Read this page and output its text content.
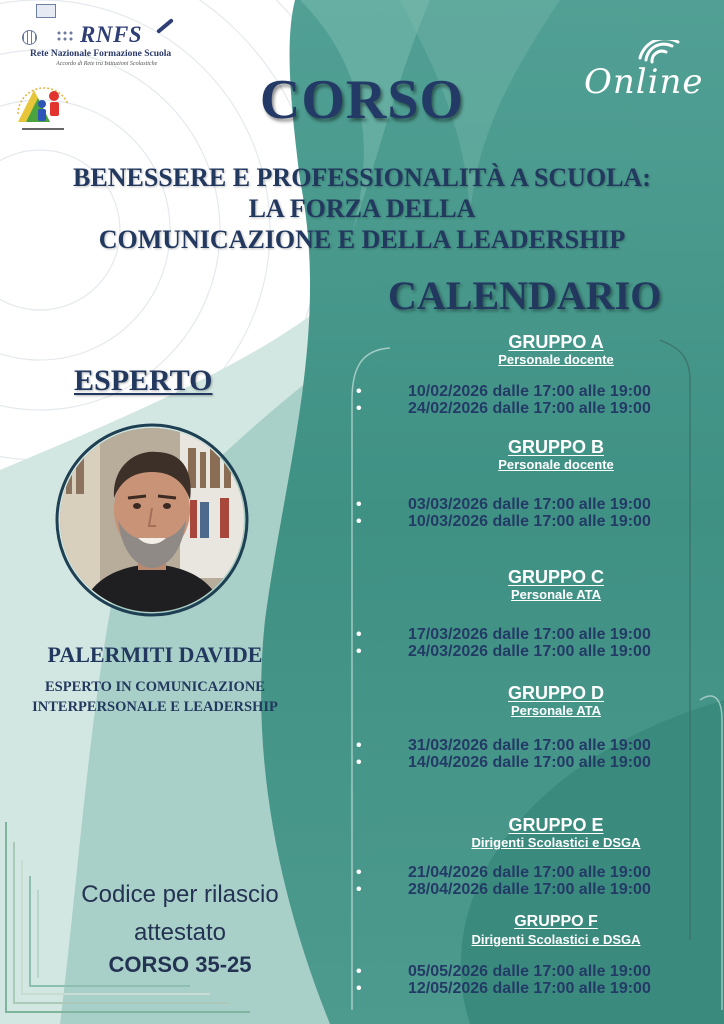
RNFS
Rete Nazionale Formazione Scuola
Accordo di Rete tra Istituzioni Scolastiche	Online
CORSO
BENESSERE E PROFESSIONALITÀ A SCUOLA:
LA FORZA DELLA
COMUNICAZIONE E DELLA LEADERSHIP
CALENDARIO
ESPERTO
PALERMITI DAVIDE
ESPERTO IN COMUNICAZIONE
INTERPERSONALE E LEADERSHIP
Codice per rilascio
attestato
CORSO 35-25
GRUPPO A
Personale docente
• 10/02/2026 dalle 17:00 alle 19:00
• 24/02/2026 dalle 17:00 alle 19:00
GRUPPO B
Personale docente
• 03/03/2026 dalle 17:00 alle 19:00
• 10/03/2026 dalle 17:00 alle 19:00
GRUPPO C
Personale ATA
• 17/03/2026 dalle 17:00 alle 19:00
• 24/03/2026 dalle 17:00 alle 19:00
GRUPPO D
Personale ATA
• 31/03/2026 dalle 17:00 alle 19:00
• 14/04/2026 dalle 17:00 alle 19:00
GRUPPO E
Dirigenti Scolastici e DSGA
• 21/04/2026 dalle 17:00 alle 19:00
• 28/04/2026 dalle 17:00 alle 19:00
GRUPPO F
Dirigenti Scolastici e DSGA
• 05/05/2026 dalle 17:00 alle 19:00
• 12/05/2026 dalle 17:00 alle 19:00
